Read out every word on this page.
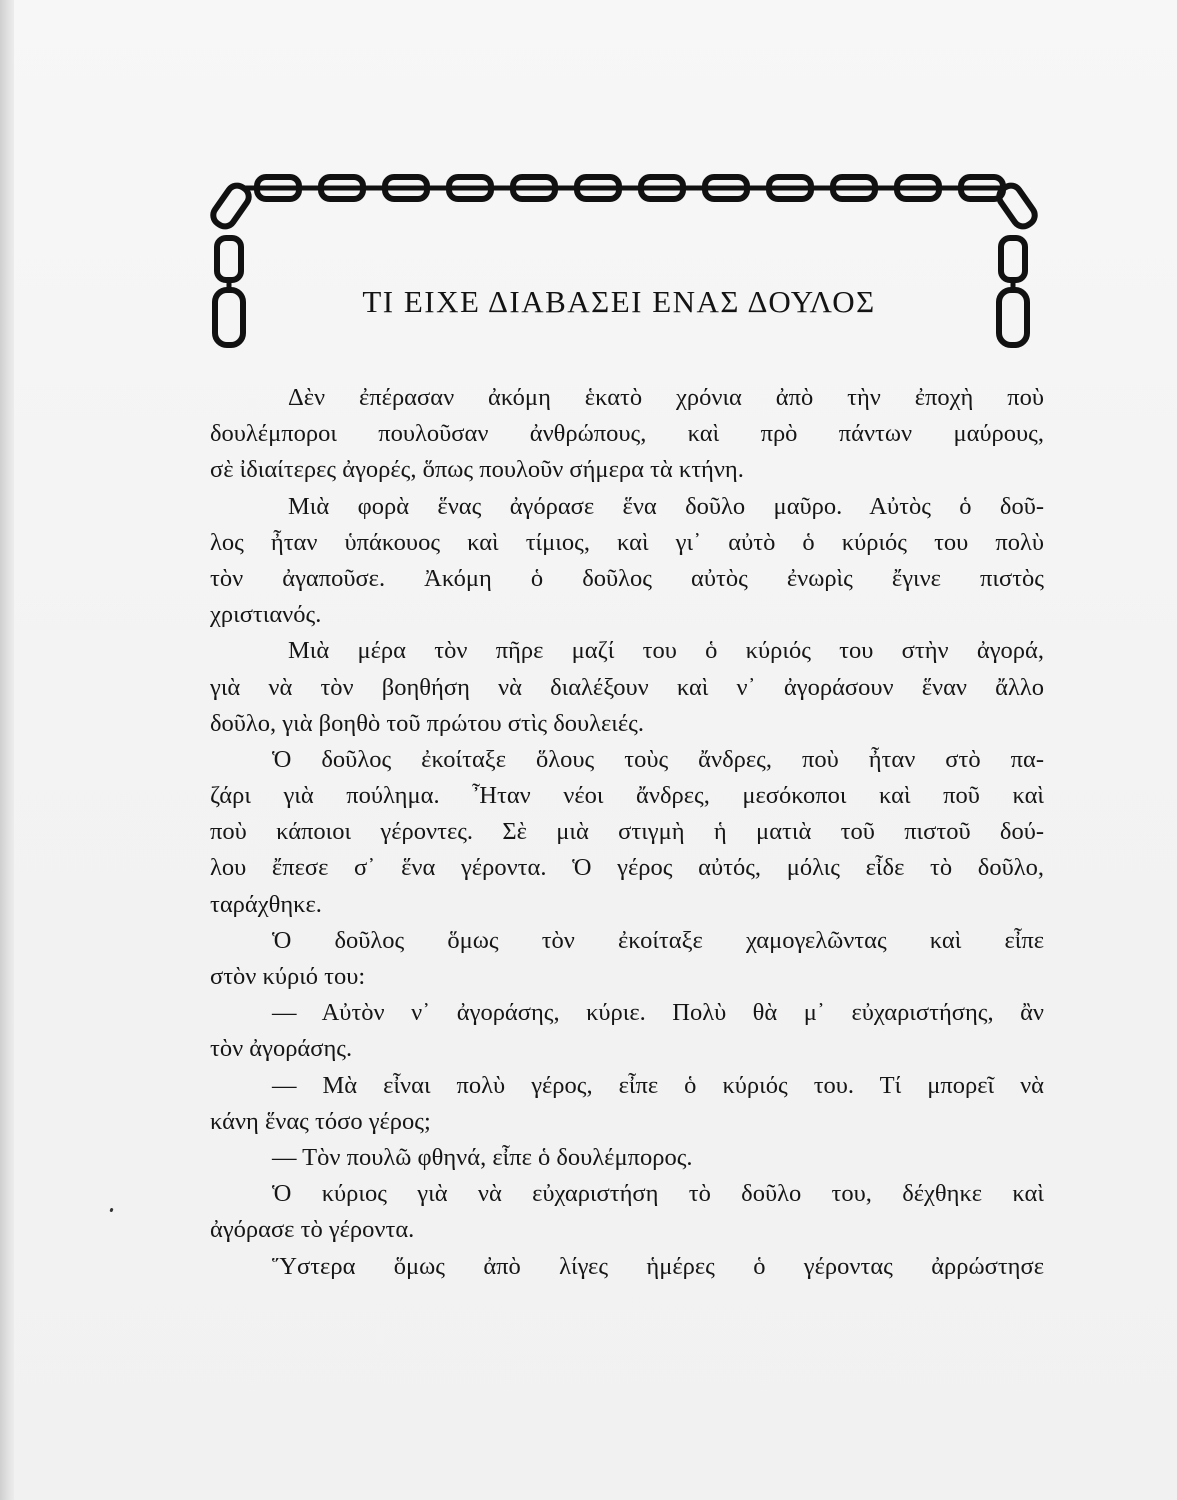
ΤΙ ΕΙΧΕ ΔΙΑΒΑΣΕΙ ΕΝΑΣ ΔΟΥΛΟΣ
Δὲν ἐπέρασαν ἀκόμη ἑκατὸ χρόνια ἀπὸ τὴν ἐποχὴ ποὺ
δουλέμποροι πουλοῦσαν ἀνθρώπους, καὶ πρὸ πάντων μαύρους,
σὲ ἰδιαίτερες ἀγορές, ὅπως πουλοῦν σήμερα τὰ κτήνη.
Μιὰ φορὰ ἕνας ἀγόρασε ἕνα δοῦλο μαῦρο. Αὐτὸς ὁ δοῦ-
λος ἦταν ὑπάκουος καὶ τίμιος, καὶ γι᾿ αὐτὸ ὁ κύριός του πολὺ
τὸν ἀγαποῦσε. Ἀκόμη ὁ δοῦλος αὐτὸς ἐνωρὶς ἔγινε πιστὸς
χριστιανός.
Μιὰ μέρα τὸν πῆρε μαζί του ὁ κύριός του στὴν ἀγορά,
γιὰ νὰ τὸν βοηθήση νὰ διαλέξουν καὶ ν᾿ ἀγοράσουν ἕναν ἄλλο
δοῦλο, γιὰ βοηθὸ τοῦ πρώτου στὶς δουλειές.
Ὁ δοῦλος ἐκοίταξε ὅλους τοὺς ἄνδρες, ποὺ ἦταν στὸ πα-
ζάρι γιὰ πούλημα. Ἦταν νέοι ἄνδρες, μεσόκοποι καὶ ποῦ καὶ
ποὺ κάποιοι γέροντες. Σὲ μιὰ στιγμὴ ἡ ματιὰ τοῦ πιστοῦ δού-
λου ἔπεσε σ᾿ ἕνα γέροντα. Ὁ γέρος αὐτός, μόλις εἶδε τὸ δοῦλο,
ταράχθηκε.
Ὁ δοῦλος ὅμως τὸν ἐκοίταξε χαμογελῶντας καὶ εἶπε
στὸν κύριό του:
— Αὐτὸν ν᾿ ἀγοράσης, κύριε. Πολὺ θὰ μ᾿ εὐχαριστήσης, ἂν
τὸν ἀγοράσης.
— Μὰ εἶναι πολὺ γέρος, εἶπε ὁ κύριός του. Τί μπορεῖ νὰ
κάνη ἕνας τόσο γέρος;
— Τὸν πουλῶ φθηνά, εἶπε ὁ δουλέμπορος.
Ὁ κύριος γιὰ νὰ εὐχαριστήση τὸ δοῦλο του, δέχθηκε καὶ
ἀγόρασε τὸ γέροντα.
Ὕστερα ὅμως ἀπὸ λίγες ἡμέρες ὁ γέροντας ἀρρώστησε
